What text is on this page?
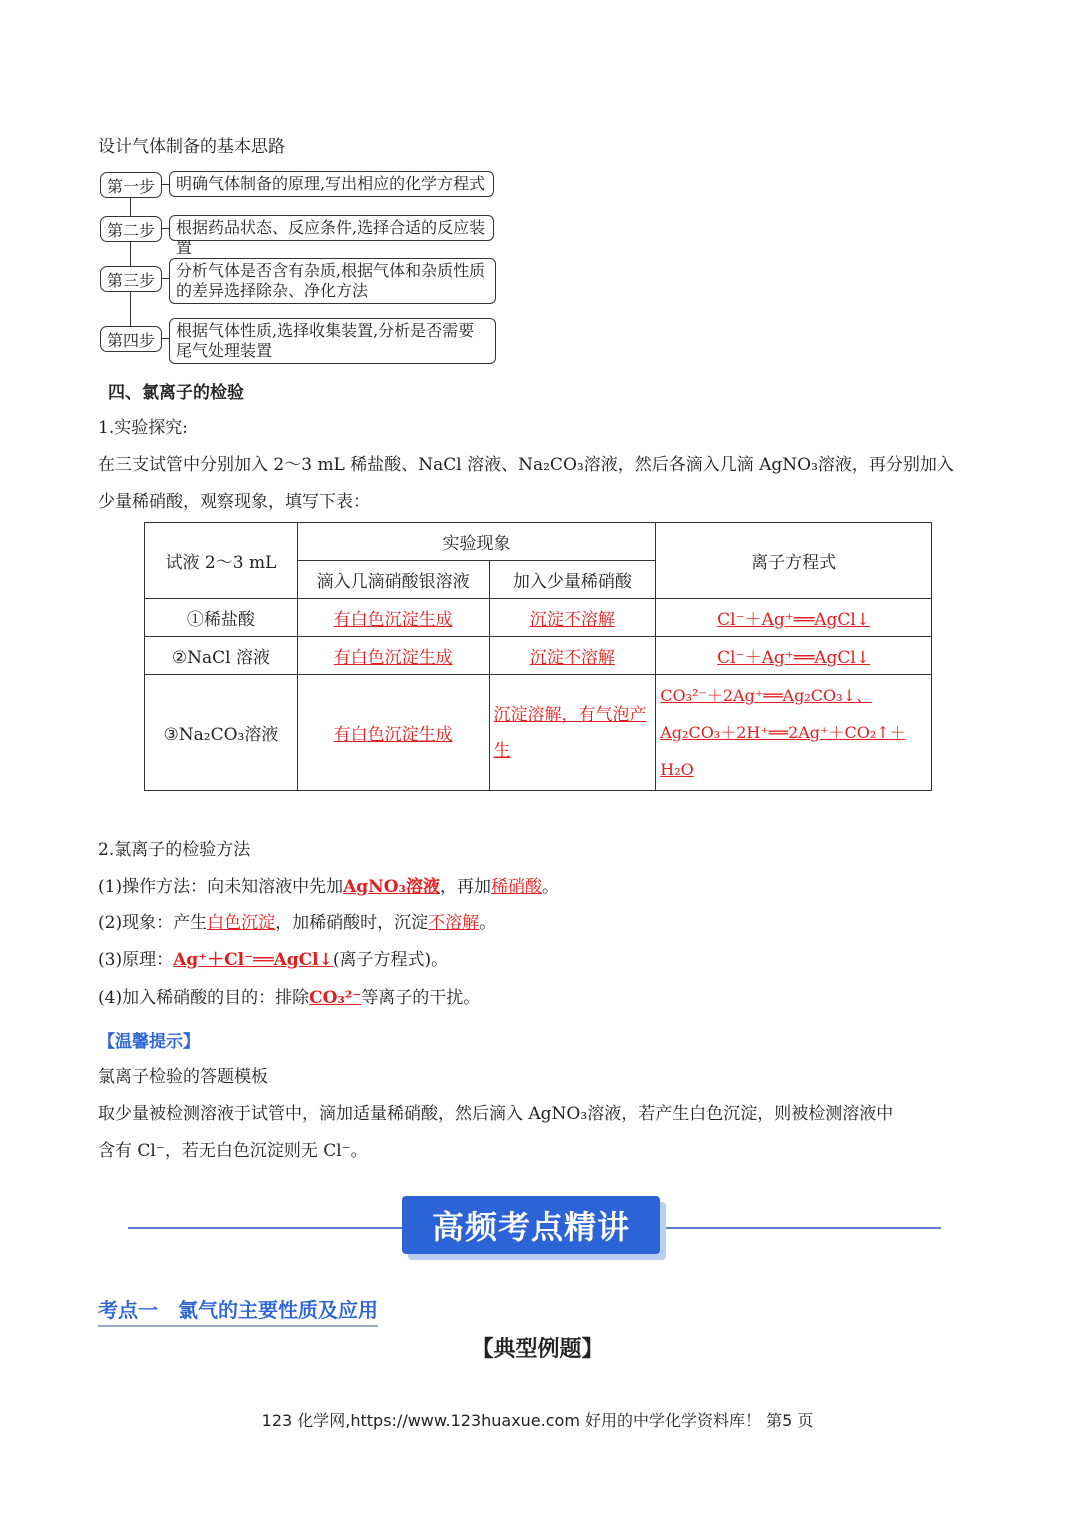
设计气体制备的基本思路
第一步	明确气体制备的原理,写出相应的化学方程式
第二步	根据药品状态、反应条件,选择合适的反应装置
第三步	分析气体是否含有杂质,根据气体和杂质性质的差异选择除杂、净化方法
第四步	根据气体性质,选择收集装置,分析是否需要尾气处理装置
四、氯离子的检验
1.实验探究:
在三支试管中分别加入 2～3 mL 稀盐酸、NaCl 溶液、Na₂CO₃溶液，然后各滴入几滴 AgNO₃溶液，再分别加入
少量稀硝酸，观察现象，填写下表：
试液 2～3 mL	实验现象		离子方程式
	滴入几滴硝酸银溶液	加入少量稀硝酸	
①稀盐酸	有白色沉淀生成	沉淀不溶解	Cl⁻＋Ag⁺══AgCl↓
②NaCl 溶液	有白色沉淀生成	沉淀不溶解	Cl⁻＋Ag⁺══AgCl↓
③Na₂CO₃溶液	有白色沉淀生成	沉淀溶解，有气泡产生	CO₃²⁻＋2Ag⁺══Ag₂CO₃↓、
Ag₂CO₃＋2H⁺══2Ag⁺＋CO₂↑＋
H₂O
2.氯离子的检验方法
(1)操作方法：向未知溶液中先加AgNO₃溶液，再加稀硝酸。
(2)现象：产生白色沉淀，加稀硝酸时，沉淀不溶解。
(3)原理：Ag⁺＋Cl⁻══AgCl↓(离子方程式)。
(4)加入稀硝酸的目的：排除CO₃²⁻等离子的干扰。
【温馨提示】
氯离子检验的答题模板
取少量被检测溶液于试管中，滴加适量稀硝酸，然后滴入 AgNO₃溶液，若产生白色沉淀，则被检测溶液中
含有 Cl⁻，若无白色沉淀则无 Cl⁻。
高频考点精讲
考点一　氯气的主要性质及应用
【典型例题】
123 化学网,https://www.123huaxue.com 好用的中学化学资料库！ 第5 页
